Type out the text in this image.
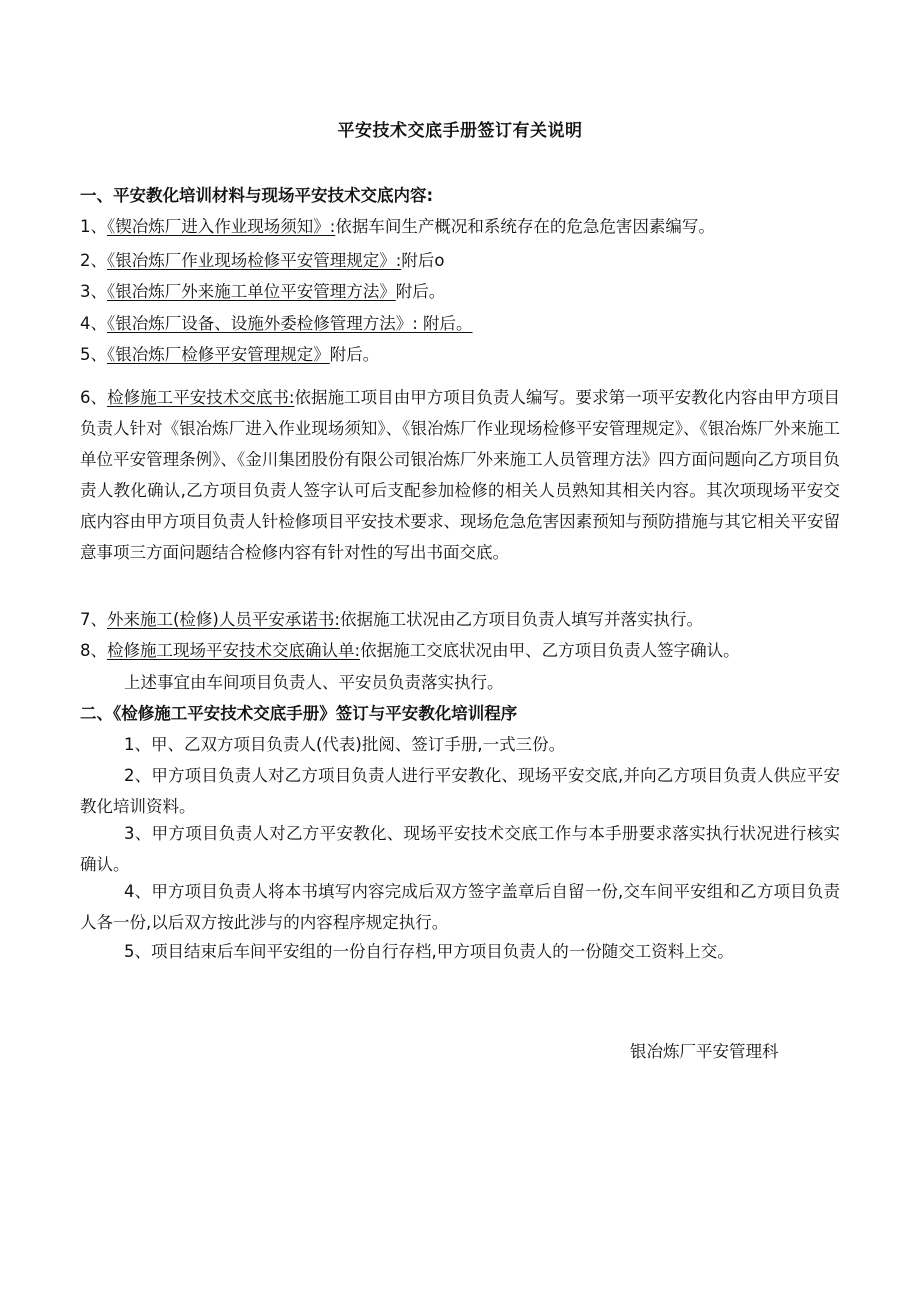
平安技术交底手册签订有关说明
一、平安教化培训材料与现场平安技术交底内容:
1、《锲冶炼厂进入作业现场须知》:依据车间生产概况和系统存在的危急危害因素编写。
2、《银冶炼厂作业现场检修平安管理规定》:附后o
3、《银冶炼厂外来施工单位平安管理方法》附后。
4、《银冶炼厂设备、设施外委检修管理方法》: 附后。
5、《银冶炼厂检修平安管理规定》附后。
6、检修施工平安技术交底书:依据施工项目由甲方项目负责人编写。要求第一项平安教化内容由甲方项目负责人针对《银冶炼厂进入作业现场须知》、《银冶炼厂作业现场检修平安管理规定》、《银冶炼厂外来施工单位平安管理条例》、《金川集团股份有限公司银冶炼厂外来施工人员管理方法》四方面问题向乙方项目负责人教化确认,乙方项目负责人签字认可后支配参加检修的相关人员熟知其相关内容。其次项现场平安交底内容由甲方项目负责人针检修项目平安技术要求、现场危急危害因素预知与预防措施与其它相关平安留意事项三方面问题结合检修内容有针对性的写出书面交底。
7、外来施工(检修)人员平安承诺书:依据施工状况由乙方项目负责人填写并落实执行。
8、检修施工现场平安技术交底确认单:依据施工交底状况由甲、乙方项目负责人签字确认。
上述事宜由车间项目负责人、平安员负责落实执行。
二、《检修施工平安技术交底手册》签订与平安教化培训程序
1、甲、乙双方项目负责人(代表)批阅、签订手册,一式三份。
2、甲方项目负责人对乙方项目负责人进行平安教化、现场平安交底,并向乙方项目负责人供应平安教化培训资料。
3、甲方项目负责人对乙方平安教化、现场平安技术交底工作与本手册要求落实执行状况进行核实确认。
4、甲方项目负责人将本书填写内容完成后双方签字盖章后自留一份,交车间平安组和乙方项目负责人各一份,以后双方按此涉与的内容程序规定执行。
5、项目结束后车间平安组的一份自行存档,甲方项目负责人的一份随交工资料上交。
银冶炼厂平安管理科
